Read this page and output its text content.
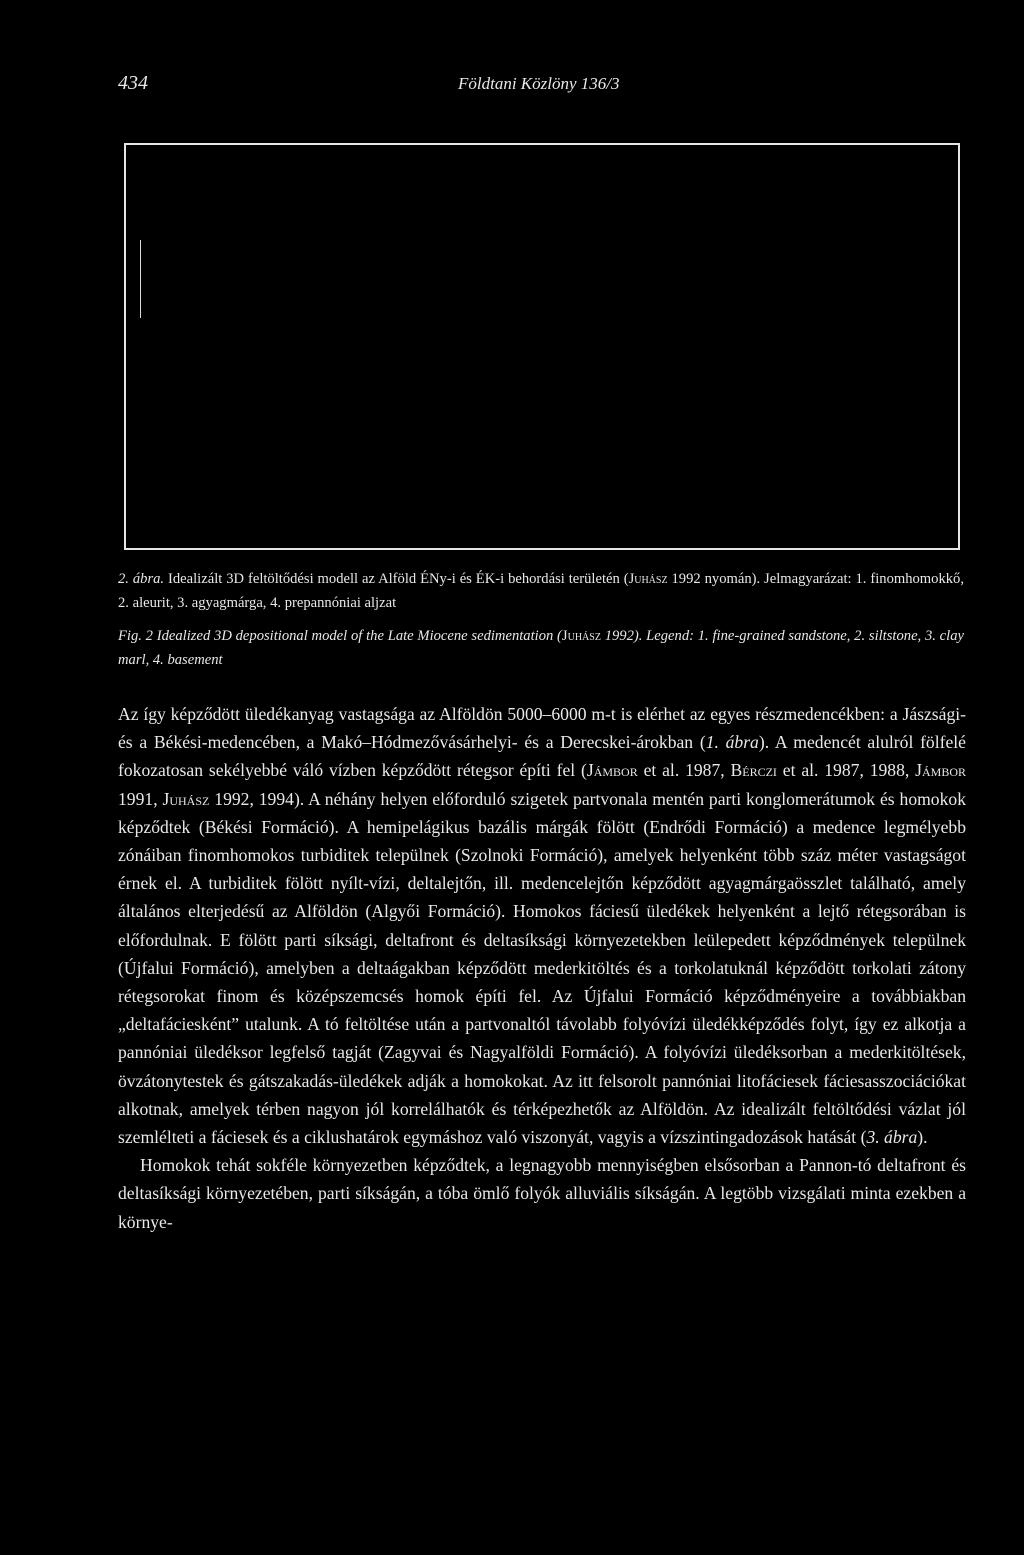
434	Földtani Közlöny 136/3
2. ábra. Idealizált 3D feltöltődési modell az Alföld ÉNy-i és ÉK-i behordási területén (Juhász 1992 nyomán). Jelmagyarázat: 1. finomhomokkő, 2. aleurit, 3. agyagmárga, 4. prepannóniai aljzat
Fig. 2 Idealized 3D depositional model of the Late Miocene sedimentation (Juhász 1992). Legend: 1. fine-grained sandstone, 2. siltstone, 3. clay marl, 4. basement

Az így képződött üledékanyag vastagsága az Alföldön 5000–6000 m-t is elérhet az egyes részmedencékben: a Jászsági- és a Békési-medencében, a Makó–Hódmezővásárhelyi- és a Derecskei-árokban (1. ábra). A medencét alulról fölfelé fokozatosan sekélyebbé váló vízben képződött rétegsor építi fel (Jámbor et al. 1987, Bérczi et al. 1987, 1988, Jámbor 1991, Juhász 1992, 1994). A néhány helyen előforduló szigetek partvonala mentén parti konglomerátumok és homokok képződtek (Békési Formáció). A hemipelágikus bazális márgák fölött (Endrődi Formáció) a medence legmélyebb zónáiban finomhomokos turbiditek települnek (Szolnoki Formáció), amelyek helyenként több száz méter vastagságot érnek el. A turbiditek fölött nyílt-vízi, deltalejtőn, ill. medencelejtőn képződött agyagmárgaösszlet található, amely általános elterjedésű az Alföldön (Algyői Formáció). Homokos fáciesű üledékek helyenként a lejtő rétegsorában is előfordulnak. E fölött parti síksági, deltafront és deltasíksági környezetekben leülepedett képződmények települnek (Újfalui Formáció), amelyben a deltaágakban képződött mederkitöltés és a torkolatuknál képződött torkolati zátony rétegsorokat finom és középszemcsés homok építi fel. Az Újfalui Formáció képződményeire a továbbiakban „deltafáciesként” utalunk. A tó feltöltése után a partvonaltól távolabb folyóvízi üledékképződés folyt, így ez alkotja a pannóniai üledéksor legfelső tagját (Zagyvai és Nagyalföldi Formáció). A folyóvízi üledéksorban a mederkitöltések, övzátonytestek és gátszakadás-üledékek adják a homokokat. Az itt felsorolt pannóniai litofáciesek fáciesasszociációkat alkotnak, amelyek térben nagyon jól korrelálhatók és térképezhetők az Alföldön. Az idealizált feltöltődési vázlat jól szemlélteti a fáciesek és a ciklushatárok egymáshoz való viszonyát, vagyis a vízszintingadozások hatását (3. ábra).

Homokok tehát sokféle környezetben képződtek, a legnagyobb mennyiségben elsősorban a Pannon-tó deltafront és deltasíksági környezetében, parti síkságán, a tóba ömlő folyók alluviális síkságán. A legtöbb vizsgálati minta ezekben a környe-
